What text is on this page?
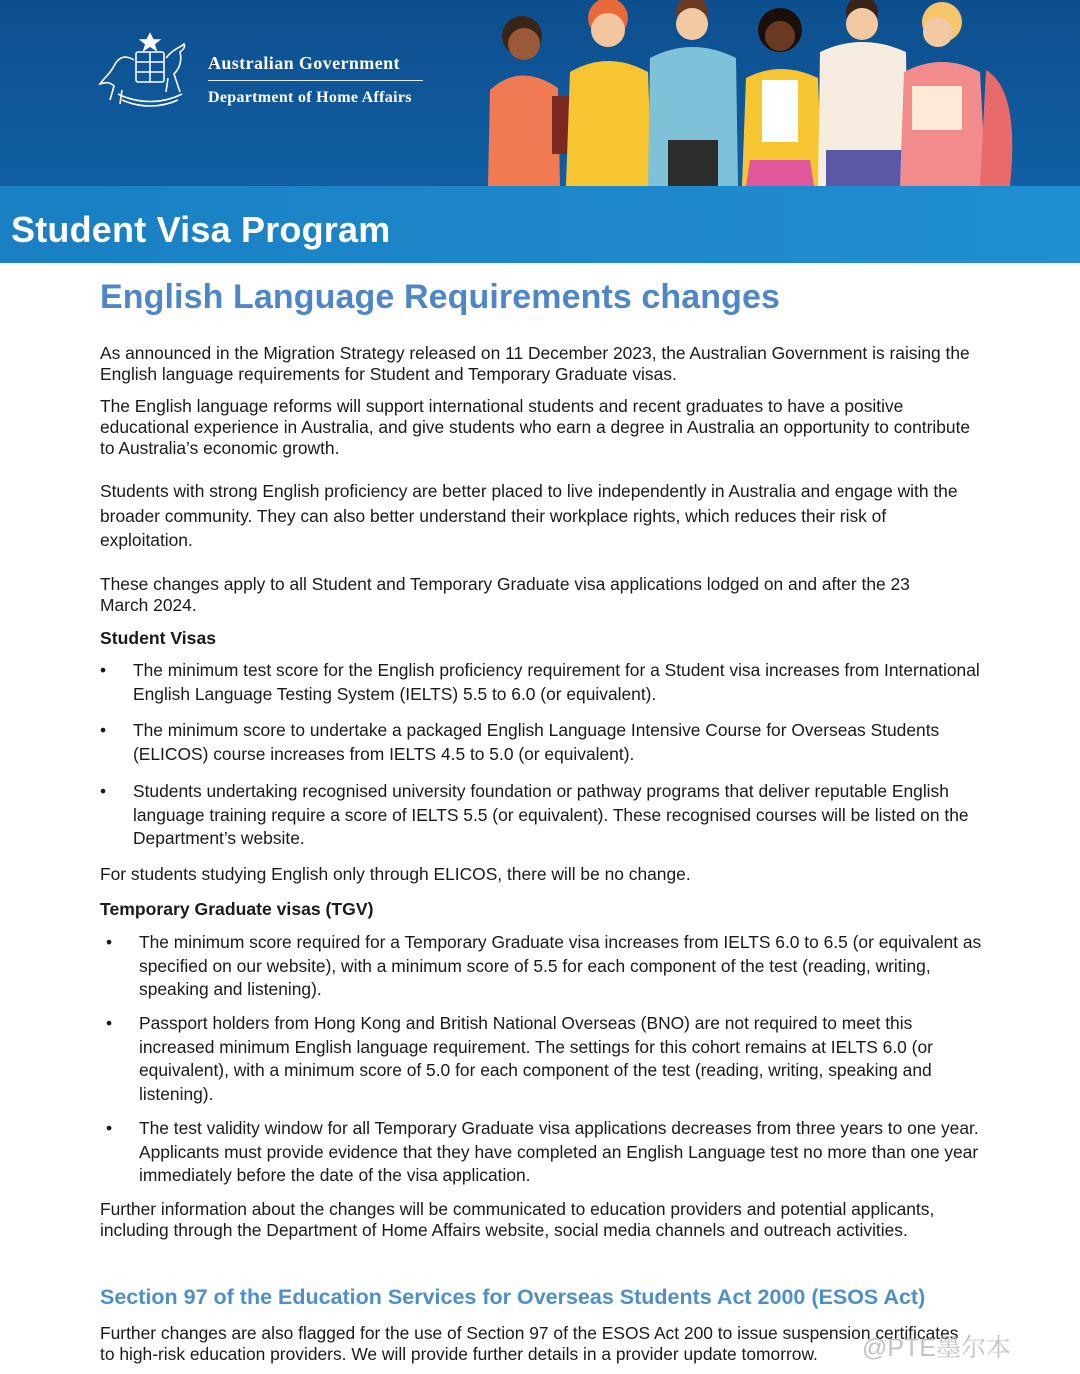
Australian Government
Department of Home Affairs
Student Visa Program
English Language Requirements changes
As announced in the Migration Strategy released on 11 December 2023, the Australian Government is raising the English language requirements for Student and Temporary Graduate visas.
The English language reforms will support international students and recent graduates to have a positive educational experience in Australia, and give students who earn a degree in Australia an opportunity to contribute to Australia’s economic growth.
Students with strong English proficiency are better placed to live independently in Australia and engage with the broader community. They can also better understand their workplace rights, which reduces their risk of exploitation.
These changes apply to all Student and Temporary Graduate visa applications lodged on and after the 23 March 2024.
Student Visas
• The minimum test score for the English proficiency requirement for a Student visa increases from International English Language Testing System (IELTS) 5.5 to 6.0 (or equivalent).
• The minimum score to undertake a packaged English Language Intensive Course for Overseas Students (ELICOS) course increases from IELTS 4.5 to 5.0 (or equivalent).
• Students undertaking recognised university foundation or pathway programs that deliver reputable English language training require a score of IELTS 5.5 (or equivalent). These recognised courses will be listed on the Department’s website.
For students studying English only through ELICOS, there will be no change.
Temporary Graduate visas (TGV)
• The minimum score required for a Temporary Graduate visa increases from IELTS 6.0 to 6.5 (or equivalent as specified on our website), with a minimum score of 5.5 for each component of the test (reading, writing, speaking and listening).
• Passport holders from Hong Kong and British National Overseas (BNO) are not required to meet this increased minimum English language requirement. The settings for this cohort remains at IELTS 6.0 (or equivalent), with a minimum score of 5.0 for each component of the test (reading, writing, speaking and listening).
• The test validity window for all Temporary Graduate visa applications decreases from three years to one year. Applicants must provide evidence that they have completed an English Language test no more than one year immediately before the date of the visa application.
Further information about the changes will be communicated to education providers and potential applicants, including through the Department of Home Affairs website, social media channels and outreach activities.
Section 97 of the Education Services for Overseas Students Act 2000 (ESOS Act)
Further changes are also flagged for the use of Section 97 of the ESOS Act 200 to issue suspension certificates to high-risk education providers. We will provide further details in a provider update tomorrow.	@PTE墨尔本
